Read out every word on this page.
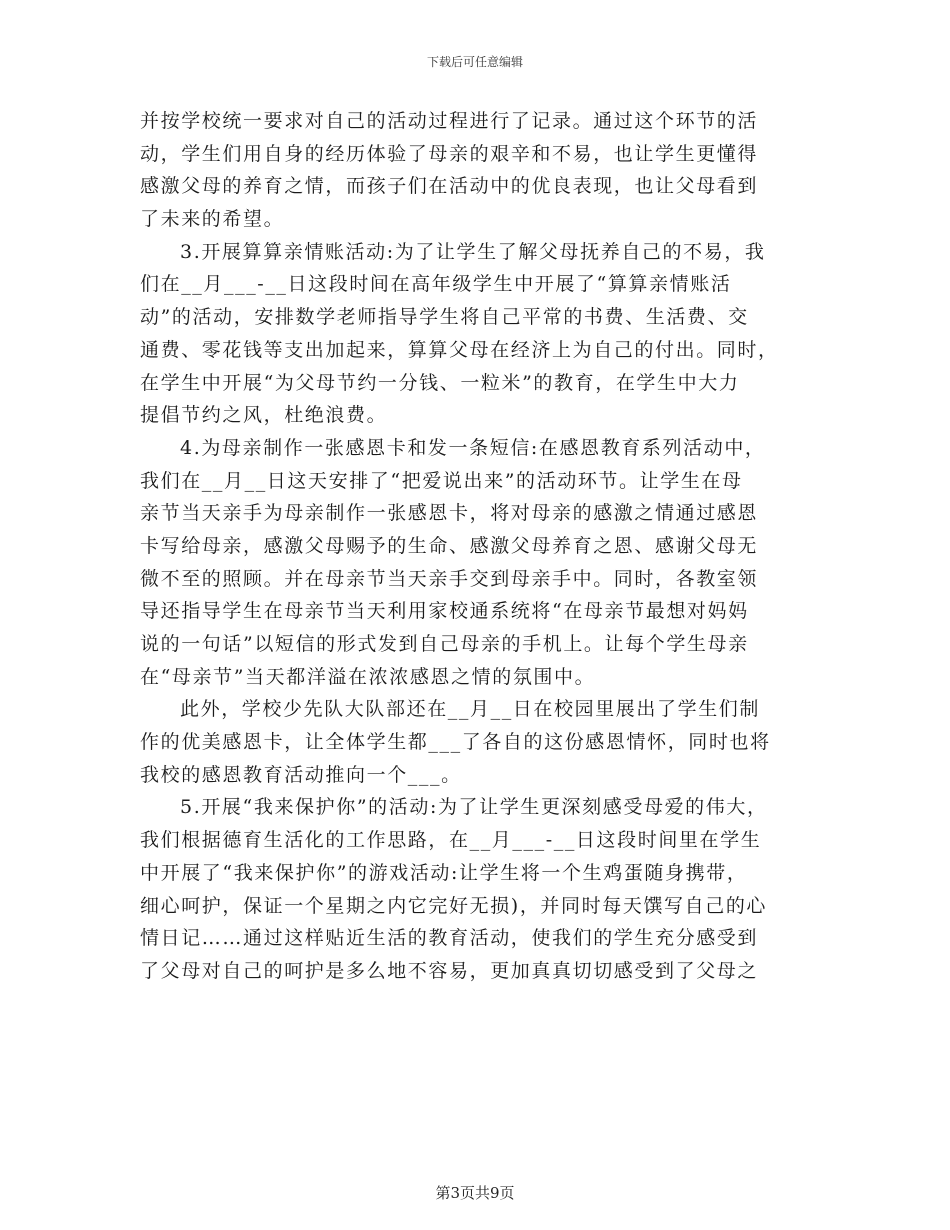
下载后可任意编辑
并按学校统一要求对自己的活动过程进行了记录。通过这个环节的活
动，学生们用自身的经历体验了母亲的艰辛和不易，也让学生更懂得
感激父母的养育之情，而孩子们在活动中的优良表现，也让父母看到
了未来的希望。
3.开展算算亲情账活动:为了让学生了解父母抚养自己的不易，我
们在__月___-__日这段时间在高年级学生中开展了“算算亲情账活
动”的活动，安排数学老师指导学生将自己平常的书费、生活费、交
通费、零花钱等支出加起来，算算父母在经济上为自己的付出。同时，
在学生中开展“为父母节约一分钱、一粒米”的教育，在学生中大力
提倡节约之风，杜绝浪费。
4.为母亲制作一张感恩卡和发一条短信:在感恩教育系列活动中，
我们在__月__日这天安排了“把爱说出来”的活动环节。让学生在母
亲节当天亲手为母亲制作一张感恩卡，将对母亲的感激之情通过感恩
卡写给母亲，感激父母赐予的生命、感激父母养育之恩、感谢父母无
微不至的照顾。并在母亲节当天亲手交到母亲手中。同时，各教室领
导还指导学生在母亲节当天利用家校通系统将“在母亲节最想对妈妈
说的一句话”以短信的形式发到自己母亲的手机上。让每个学生母亲
在“母亲节”当天都洋溢在浓浓感恩之情的氛围中。
此外，学校少先队大队部还在__月__日在校园里展出了学生们制
作的优美感恩卡，让全体学生都___了各自的这份感恩情怀，同时也将
我校的感恩教育活动推向一个___。
5.开展“我来保护你”的活动:为了让学生更深刻感受母爱的伟大，
我们根据德育生活化的工作思路，在__月___-__日这段时间里在学生
中开展了“我来保护你”的游戏活动:让学生将一个生鸡蛋随身携带，
细心呵护，保证一个星期之内它完好无损)，并同时每天馔写自己的心
情日记……通过这样贴近生活的教育活动，使我们的学生充分感受到
了父母对自己的呵护是多么地不容易，更加真真切切感受到了父母之
第3页共9页
